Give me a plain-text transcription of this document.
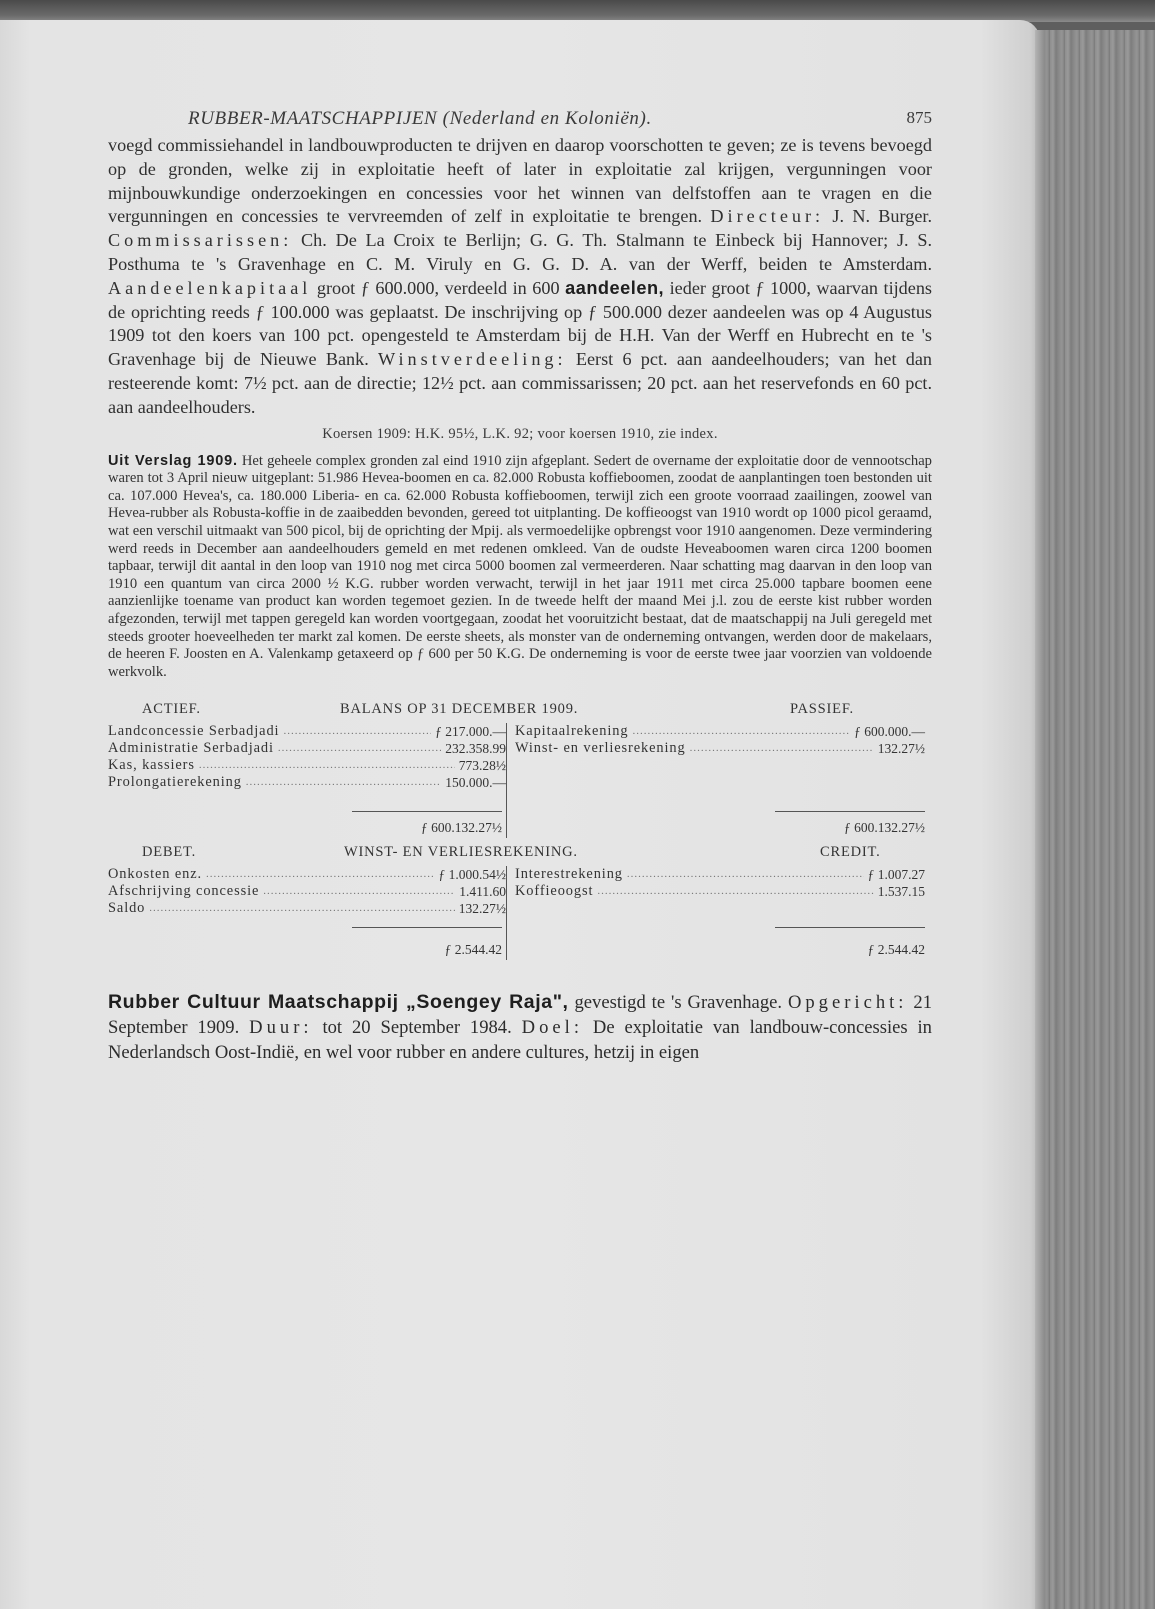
RUBBER-MAATSCHAPPIJEN (Nederland en Koloniën).	875

voegd commissiehandel in landbouwproducten te drijven en daarop voorschotten te geven; ze is tevens bevoegd op de gronden, welke zij in exploitatie heeft of later in exploitatie zal krijgen, vergunningen voor mijnbouwkundige onderzoekingen en concessies voor het winnen van delfstoffen aan te vragen en die vergunningen en concessies te vervreemden of zelf in exploitatie te brengen. Directeur: J. N. Burger. Commissarissen: Ch. De La Croix te Berlijn; G. G. Th. Stalmann te Einbeck bij Hannover; J. S. Posthuma te 's Gravenhage en C. M. Viruly en G. G. D. A. van der Werff, beiden te Amsterdam. Aandeelenkapitaal groot ƒ 600.000, verdeeld in 600 aandeelen, ieder groot ƒ 1000, waarvan tijdens de oprichting reeds ƒ 100.000 was geplaatst. De inschrijving op ƒ 500.000 dezer aandeelen was op 4 Augustus 1909 tot den koers van 100 pct. opengesteld te Amsterdam bij de H.H. Van der Werff en Hubrecht en te 's Gravenhage bij de Nieuwe Bank. Winstverdeeling: Eerst 6 pct. aan aandeelhouders; van het dan resteerende komt: 7½ pct. aan de directie; 12½ pct. aan commissarissen; 20 pct. aan het reservefonds en 60 pct. aan aandeelhouders.

Koersen 1909: H.K. 95½, L.K. 92; voor koersen 1910, zie index.

Uit Verslag 1909. Het geheele complex gronden zal eind 1910 zijn afgeplant. Sedert de overname der exploitatie door de vennootschap waren tot 3 April nieuw uitgeplant: 51.986 Hevea-boomen en ca. 82.000 Robusta koffieboomen, zoodat de aanplantingen toen bestonden uit ca. 107.000 Hevea's, ca. 180.000 Liberia- en ca. 62.000 Robusta koffieboomen, terwijl zich een groote voorraad zaailingen, zoowel van Hevea-rubber als Robusta-koffie in de zaaibedden bevonden, gereed tot uitplanting. De koffieoogst van 1910 wordt op 1000 picol geraamd, wat een verschil uitmaakt van 500 picol, bij de oprichting der Mpij. als vermoedelijke opbrengst voor 1910 aangenomen. Deze vermindering werd reeds in December aan aandeelhouders gemeld en met redenen omkleed. Van de oudste Heveaboomen waren circa 1200 boomen tapbaar, terwijl dit aantal in den loop van 1910 nog met circa 5000 boomen zal vermeerderen. Naar schatting mag daarvan in den loop van 1910 een quantum van circa 2000 ½ K.G. rubber worden verwacht, terwijl in het jaar 1911 met circa 25.000 tapbare boomen eene aanzienlijke toename van product kan worden tegemoet gezien. In de tweede helft der maand Mei j.l. zou de eerste kist rubber worden afgezonden, terwijl met tappen geregeld kan worden voortgegaan, zoodat het vooruitzicht bestaat, dat de maatschappij na Juli geregeld met steeds grooter hoeveelheden ter markt zal komen. De eerste sheets, als monster van de onderneming ontvangen, werden door de makelaars, de heeren F. Joosten en A. Valenkamp getaxeerd op ƒ 600 per 50 K.G. De onderneming is voor de eerste twee jaar voorzien van voldoende werkvolk.

ACTIEF.	BALANS OP 31 DECEMBER 1909.	PASSIEF.
Landconcessie Serbadjadi .....	ƒ 217.000.—
Administratie Serbadjadi .....	232.358.99
Kas, kassiers .....	773.28½
Prolongatierekening .....	150.000.—
ƒ 600.132.27½
Kapitaalrekening .....	ƒ 600.000.—
Winst- en verliesrekening .....	132.27½
ƒ 600.132.27½
DEBET.	WINST- EN VERLIESREKENING.	CREDIT.
Onkosten enz. .....	ƒ 1.000.54½
Afschrijving concessie .....	1.411.60
Saldo .....	132.27½
ƒ 2.544.42
Interestrekening .....	ƒ 1.007.27
Koffieoogst .....	1.537.15
ƒ 2.544.42

Rubber Cultuur Maatschappij „Soengey Raja", gevestigd te 's Gravenhage. Opgericht: 21 September 1909. Duur: tot 20 September 1984. Doel: De exploitatie van landbouw-concessies in Nederlandsch Oost-Indië, en wel voor rubber en andere cultures, hetzij in eigen
